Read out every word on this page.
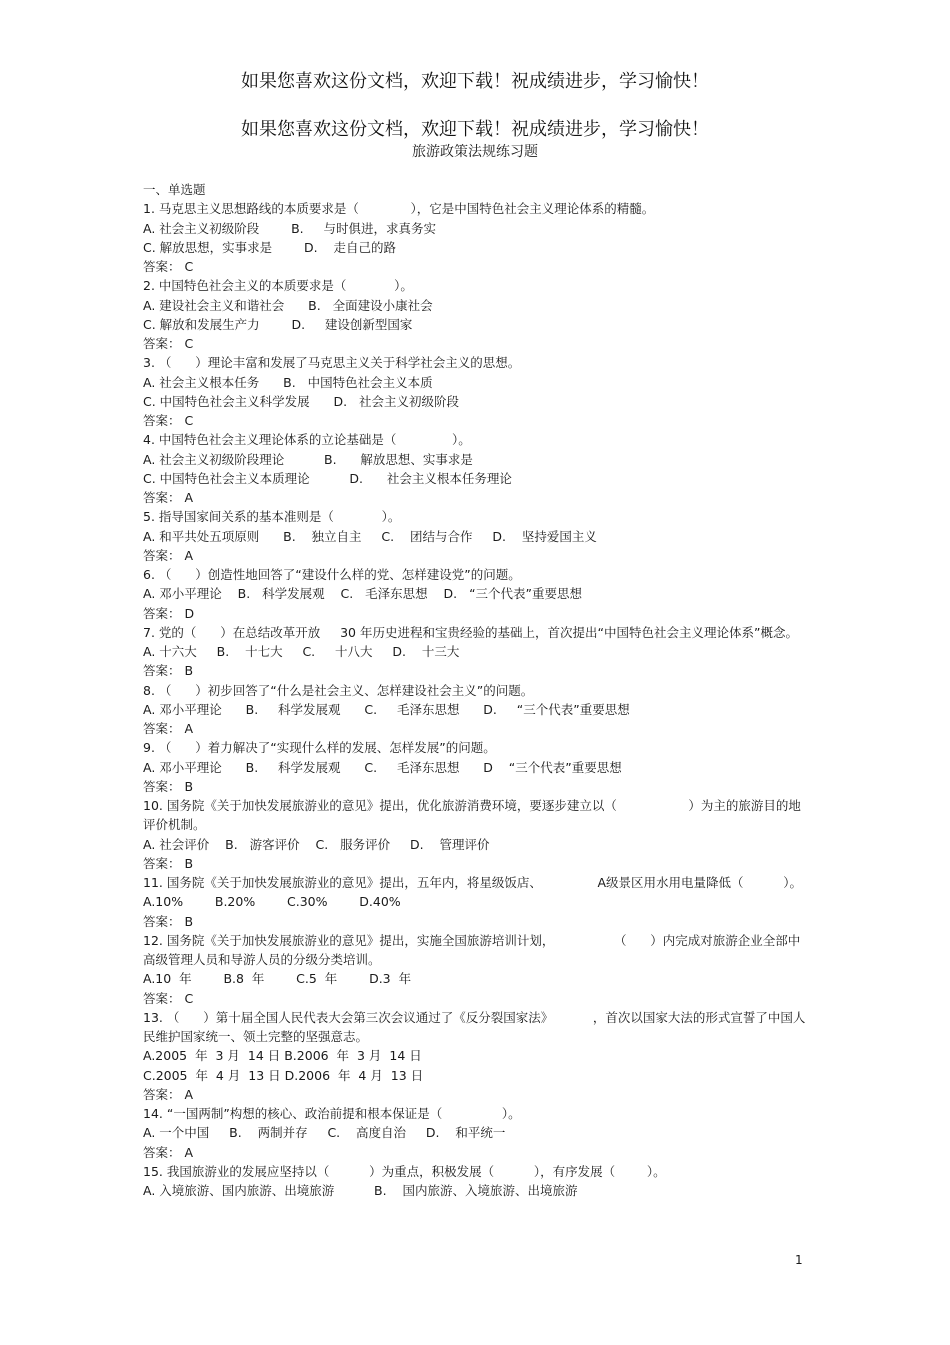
如果您喜欢这份文档，欢迎下载！祝成绩进步，学习愉快！
如果您喜欢这份文档，欢迎下载！祝成绩进步，学习愉快！
旅游政策法规练习题
一、单选题
1. 马克思主义思想路线的本质要求是（             ），它是中国特色社会主义理论体系的精髓。
A. 社会主义初级阶段        B.     与时俱进，求真务实
C. 解放思想，实事求是        D.    走自己的路
答案： C
2. 中国特色社会主义的本质要求是（            ）。
A. 建设社会主义和谐社会      B.   全面建设小康社会
C. 解放和发展生产力        D.     建设创新型国家
答案： C
3. （      ）理论丰富和发展了马克思主义关于科学社会主义的思想。
A. 社会主义根本任务      B.   中国特色社会主义本质
C. 中国特色社会主义科学发展      D.   社会主义初级阶段
答案： C
4. 中国特色社会主义理论体系的立论基础是（              ）。
A. 社会主义初级阶段理论          B.      解放思想、实事求是
C. 中国特色社会主义本质理论          D.      社会主义根本任务理论
答案： A
5. 指导国家间关系的基本准则是（            ）。
A. 和平共处五项原则      B.    独立自主     C.    团结与合作     D.    坚持爱国主义
答案： A
6. （      ）创造性地回答了“建设什么样的党、怎样建设党”的问题。
A. 邓小平理论    B.   科学发展观    C.   毛泽东思想    D.   “三个代表”重要思想
答案： D
7. 党的（      ）在总结改革开放     30 年历史进程和宝贵经验的基础上，首次提出“中国特色社会主义理论体系”概念。
A. 十六大     B.    十七大     C.     十八大     D.    十三大
答案： B
8. （      ）初步回答了“什么是社会主义、怎样建设社会主义”的问题。
A. 邓小平理论      B.     科学发展观      C.     毛泽东思想      D.     “三个代表”重要思想
答案： A
9. （      ）着力解决了“实现什么样的发展、怎样发展”的问题。
A. 邓小平理论      B.     科学发展观      C.     毛泽东思想      D    “三个代表”重要思想
答案： B
10. 国务院《关于加快发展旅游业的意见》提出，优化旅游消费环境，要逐步建立以（                  ）为主的旅游目的地评价机制。
A. 社会评价    B.   游客评价    C.   服务评价     D.    管理评价
答案： B
11. 国务院《关于加快发展旅游业的意见》提出，五年内，将星级饭店、              A级景区用水用电量降低（          ）。
A.10%        B.20%        C.30%        D.40%
答案： B
12. 国务院《关于加快发展旅游业的意见》提出，实施全国旅游培训计划，               （      ）内完成对旅游企业全部中高级管理人员和导游人员的分级分类培训。
A.10  年        B.8  年        C.5  年        D.3  年
答案： C
13. （      ）第十届全国人民代表大会第三次会议通过了《反分裂国家法》          ，首次以国家大法的形式宣誓了中国人民维护国家统一、领土完整的坚强意志。
A.2005  年  3 月  14 日 B.2006  年  3 月  14 日
C.2005  年  4 月  13 日 D.2006  年  4 月  13 日
答案： A
14. “一国两制”构想的核心、政治前提和根本保证是（               ）。
A. 一个中国     B.    两制并存     C.    高度自治     D.    和平统一
答案： A
15. 我国旅游业的发展应坚持以（          ）为重点，积极发展（          ），有序发展（        ）。
A. 入境旅游、国内旅游、出境旅游          B.    国内旅游、入境旅游、出境旅游
1
